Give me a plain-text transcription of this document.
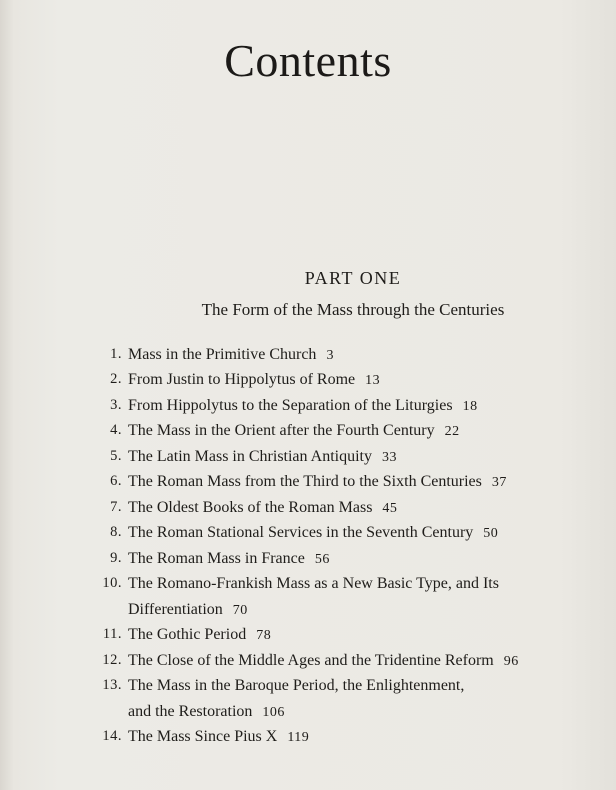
Contents
PART ONE
The Form of the Mass through the Centuries
1. Mass in the Primitive Church 3
2. From Justin to Hippolytus of Rome 13
3. From Hippolytus to the Separation of the Liturgies 18
4. The Mass in the Orient after the Fourth Century 22
5. The Latin Mass in Christian Antiquity 33
6. The Roman Mass from the Third to the Sixth Centuries 37
7. The Oldest Books of the Roman Mass 45
8. The Roman Stational Services in the Seventh Century 50
9. The Roman Mass in France 56
10. The Romano-Frankish Mass as a New Basic Type, and Its Differentiation 70
11. The Gothic Period 78
12. The Close of the Middle Ages and the Tridentine Reform 96
13. The Mass in the Baroque Period, the Enlightenment, and the Restoration 106
14. The Mass Since Pius X 119
